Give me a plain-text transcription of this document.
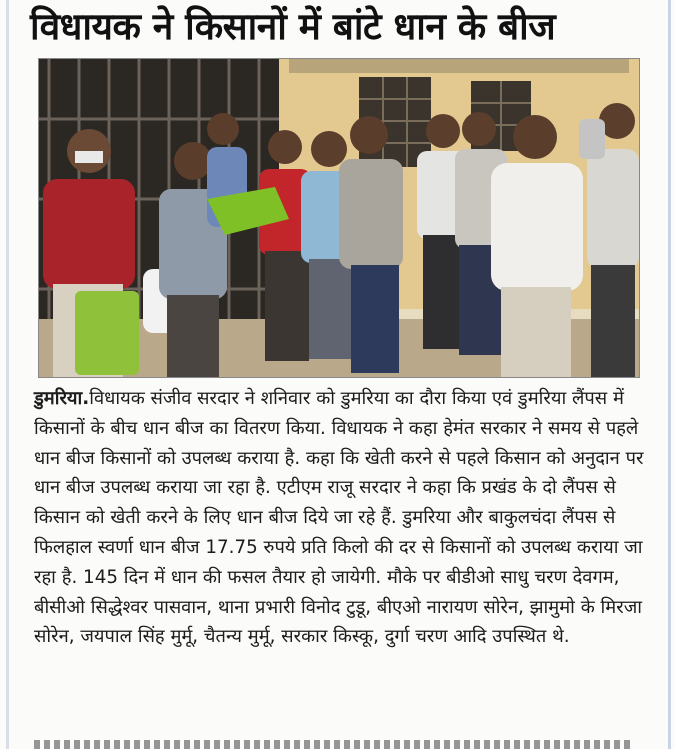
विधायक ने किसानों में बांटे धान के बीज

डुमरिया.विधायक संजीव सरदार ने शनिवार को डुमरिया का दौरा किया एवं डुमरिया लैंपस में किसानों के बीच धान बीज का वितरण किया. विधायक ने कहा हेमंत सरकार ने समय से पहले धान बीज किसानों को उपलब्ध कराया है. कहा कि खेती करने से पहले किसान को अनुदान पर धान बीज उपलब्ध कराया जा रहा है. एटीएम राजू सरदार ने कहा कि प्रखंड के दो लैंपस से किसान को खेती करने के लिए धान बीज दिये जा रहे हैं. डुमरिया और बाकुलचंदा लैंपस से फिलहाल स्वर्णा धान बीज 17.75 रुपये प्रति किलो की दर से किसानों को उपलब्ध कराया जा रहा है. 145 दिन में धान की फसल तैयार हो जायेगी. मौके पर बीडीओ साधु चरण देवगम, बीसीओ सिद्धेश्वर पासवान, थाना प्रभारी विनोद टुडू, बीएओ नारायण सोरेन, झामुमो के मिरजा सोरेन, जयपाल सिंह मुर्मू, चैतन्य मुर्मू, सरकार किस्कू, दुर्गा चरण आदि उपस्थित थे.
